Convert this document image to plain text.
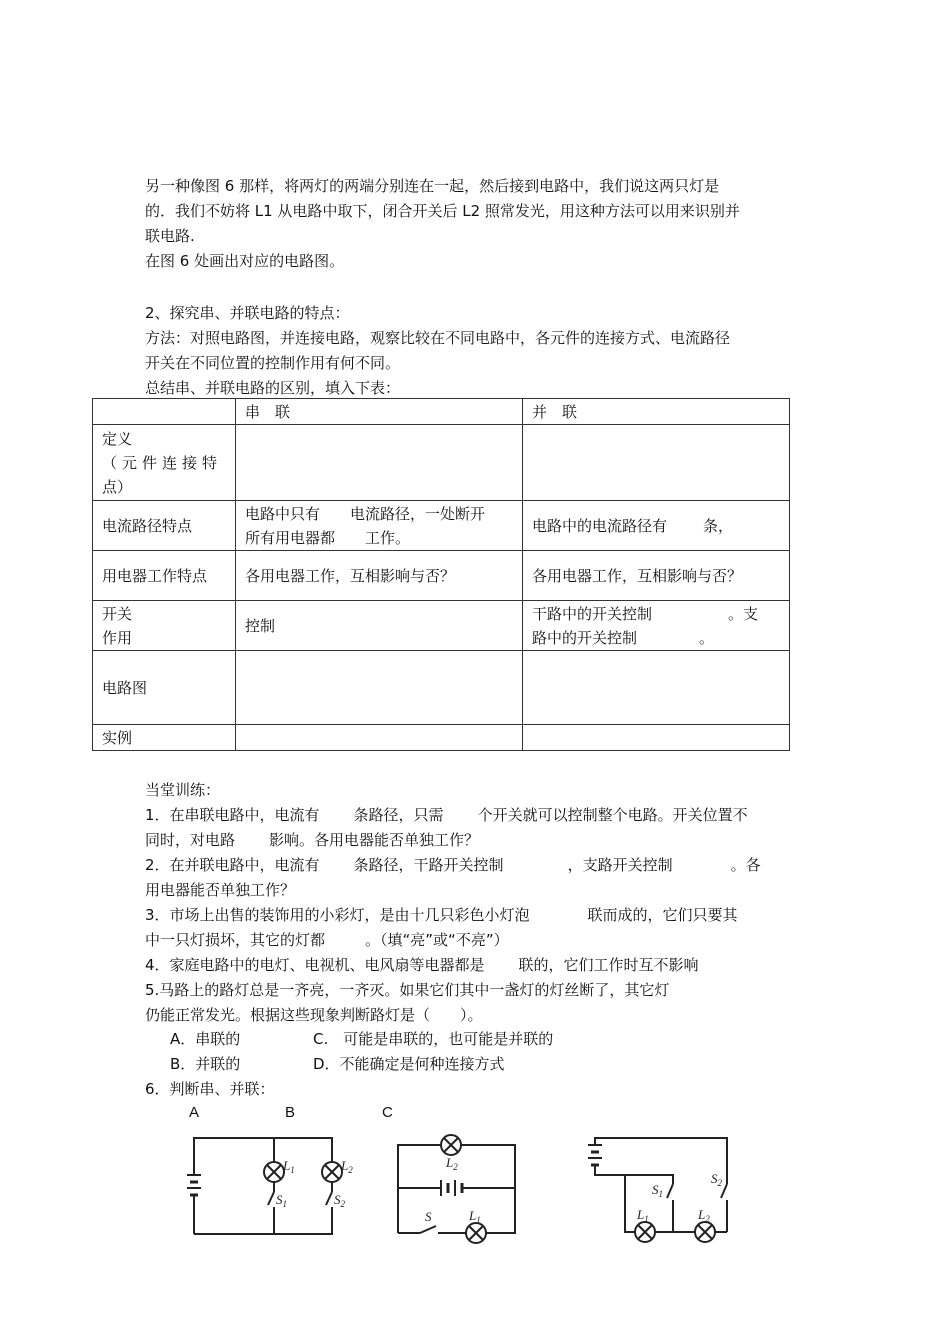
另一种像图 6 那样，将两灯的两端分别连在一起，然后接到电路中，我们说这两只灯是
的．我们不妨将 L1 从电路中取下，闭合开关后 L2 照常发光，用这种方法可以用来识别并
联电路.
在图 6 处画出对应的电路图。
2、探究串、并联电路的特点：
方法：对照电路图，并连接电路，观察比较在不同电路中，各元件的连接方式、电流路径
开关在不同位置的控制作用有何不同。
总结串、并联电路的区别，填入下表：
	串　联	并　联

定义
（元件连接特
点）		

电流路径特点	电路中只有 电流路径，一处断开
所有用电器都 工作。	电路中的电流路径有 条，
用电器工作特点	各用电器工作，互相影响与否？	各用电器工作，互相影响与否？

开关
作用	控制	干路中的开关控制 。支
路中的开关控制 。

电路图		
实例		
当堂训练：
1．在串联电路中，电流有 条路径，只需 个开关就可以控制整个电路。开关位置不
同时，对电路 影响。各用电器能否单独工作？
2．在并联电路中，电流有 条路径，干路开关控制	，支路开关控制	。各
用电器能否单独工作？
3．市场上出售的装饰用的小彩灯，是由十几只彩色小灯泡	联而成的，它们只要其
中一只灯损坏，其它的灯都	。（填“亮”或“不亮”）
4．家庭电路中的电灯、电视机、电风扇等电器都是 联的，它们工作时互不影响
5.马路上的路灯总是一齐亮，一齐灭。如果它们其中一盏灯的灯丝断了，其它灯
仍能正常发光。根据这些现象判断路灯是（　　）。
A．串联的	C.　可能是串联的，也可能是并联的
B．并联的	D．不能确定是何种连接方式
6．判断串、并联：
A	B	C
$L_1$
$S_1$
$L_2$
$S_2$
$L_2$
S	$L_1$
$S_1$
$S_2$
$L_1$	$L_2$
